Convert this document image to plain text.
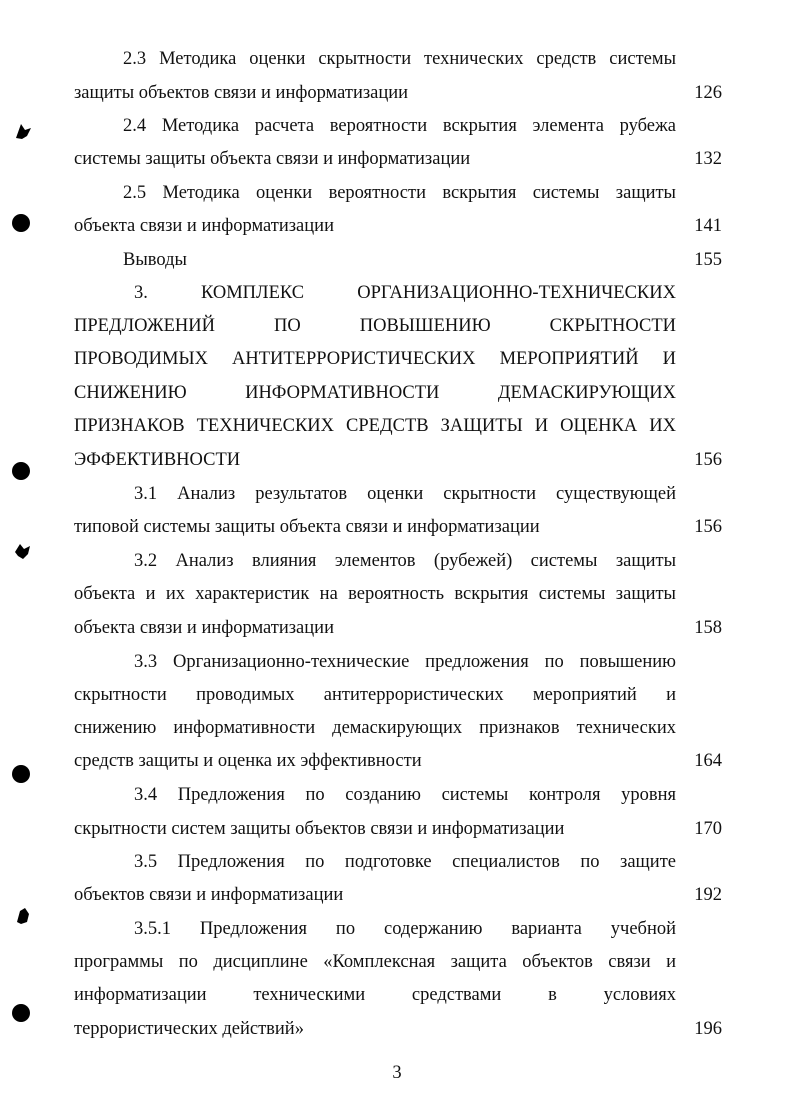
2.3 Методика оценки скрытности технических средств системы
защиты объектов связи и информатизации	126
2.4 Методика расчета вероятности вскрытия элемента рубежа
системы защиты объекта связи и информатизации	132
2.5 Методика оценки вероятности вскрытия системы защиты
объекта связи и информатизации	141
Выводы	155
3. КОМПЛЕКС ОРГАНИЗАЦИОННО-ТЕХНИЧЕСКИХ
ПРЕДЛОЖЕНИЙ ПО ПОВЫШЕНИЮ СКРЫТНОСТИ
ПРОВОДИМЫХ АНТИТЕРРОРИСТИЧЕСКИХ МЕРОПРИЯТИЙ И
СНИЖЕНИЮ ИНФОРМАТИВНОСТИ ДЕМАСКИРУЮЩИХ
ПРИЗНАКОВ ТЕХНИЧЕСКИХ СРЕДСТВ ЗАЩИТЫ И ОЦЕНКА ИХ
ЭФФЕКТИВНОСТИ	156
3.1 Анализ результатов оценки скрытности существующей
типовой системы защиты объекта связи и информатизации	156
3.2 Анализ влияния элементов (рубежей) системы защиты
объекта и их характеристик на вероятность вскрытия системы защиты
объекта связи и информатизации	158
3.3 Организационно-технические предложения по повышению
скрытности проводимых антитеррористических мероприятий и
снижению информативности демаскирующих признаков технических
средств защиты и оценка их эффективности	164
3.4 Предложения по созданию системы контроля уровня
скрытности систем защиты объектов связи и информатизации	170
3.5 Предложения по подготовке специалистов по защите
объектов связи и информатизации	192
3.5.1 Предложения по содержанию варианта учебной
программы по дисциплине «Комплексная защита объектов связи и
информатизации техническими средствами в условиях
террористических действий»	196
3
